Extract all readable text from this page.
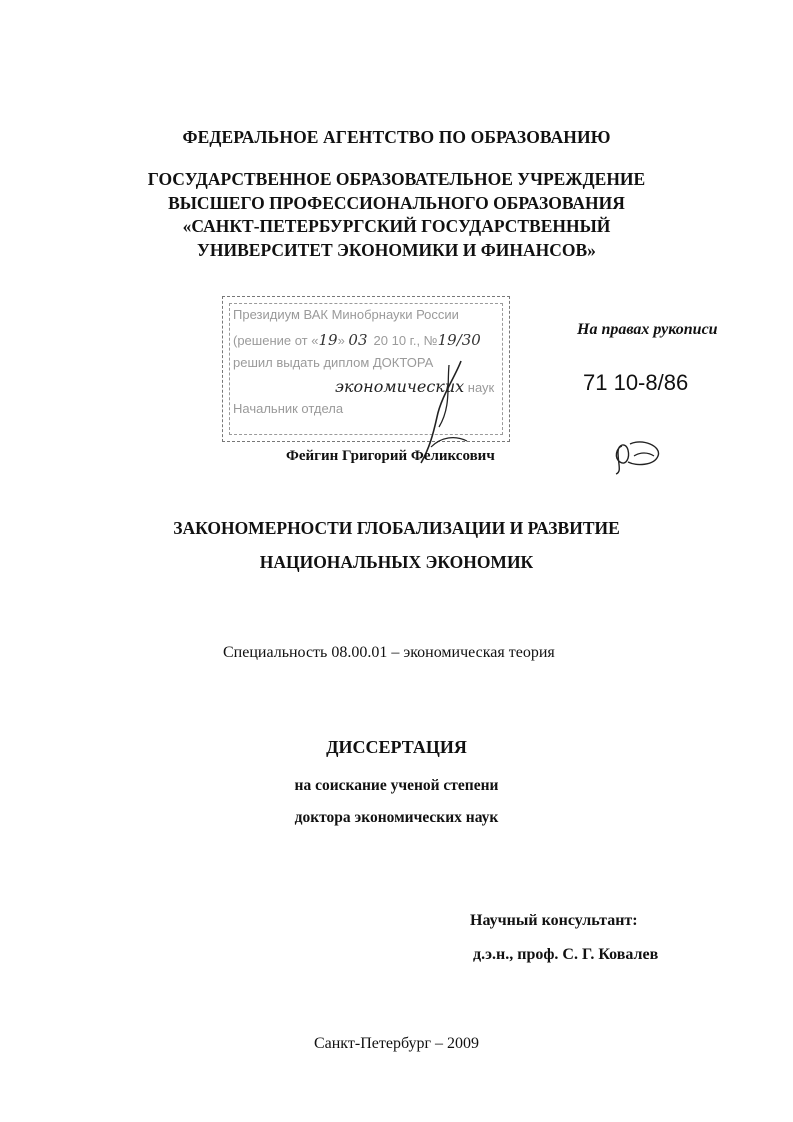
ФЕДЕРАЛЬНОЕ АГЕНТСТВО ПО ОБРАЗОВАНИЮ
ГОСУДАРСТВЕННОЕ ОБРАЗОВАТЕЛЬНОЕ УЧРЕЖДЕНИЕ
ВЫСШЕГО ПРОФЕССИОНАЛЬНОГО ОБРАЗОВАНИЯ
«САНКТ-ПЕТЕРБУРГСКИЙ ГОСУДАРСТВЕННЫЙ
УНИВЕРСИТЕТ ЭКОНОМИКИ И ФИНАНСОВ»
Президиум ВАК Минобрнауки России
(решение от «19» 03 20 10 г., №19/30
решил выдать диплом ДОКТОРА
экономических наук
Начальник отдела
На правах рукописи
71 10-8/86
Фейгин Григорий Феликсович
ЗАКОНОМЕРНОСТИ ГЛОБАЛИЗАЦИИ И РАЗВИТИЕ
НАЦИОНАЛЬНЫХ ЭКОНОМИК
Специальность 08.00.01 – экономическая теория
ДИССЕРТАЦИЯ
на соискание ученой степени
доктора экономических наук
Научный консультант:
д.э.н., проф. С. Г. Ковалев
Санкт-Петербург – 2009
